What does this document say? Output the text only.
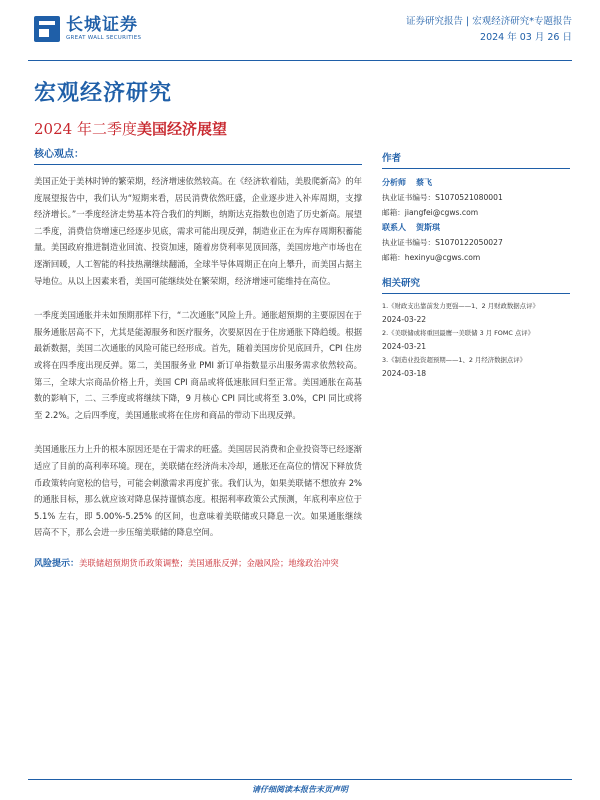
长城证券
GREAT WALL SECURITIES
证券研究报告 | 宏观经济研究*专题报告
2024 年 03 月 26 日
宏观经济研究
2024 年二季度美国经济展望
核心观点：

美国正处于美林时钟的繁荣期，经济增速依然较高。在《经济软着陆，美股爬新高》的年度展望报告中，我们认为“短期来看，居民消费依然旺盛，企业逐步进入补库周期，支撑经济增长。”一季度经济走势基本符合我们的判断，纳斯达克指数也创造了历史新高。展望二季度，消费信贷增速已经逐步见底，需求可能出现反弹，制造业正在为库存周期积蓄能量。美国政府推进制造业回流、投资加速，随着房贷利率见顶回落，美国房地产市场也在逐渐回暖，人工智能的科技热潮继续翻涌，全球半导体周期正在向上攀升，而美国占据主导地位。从以上因素来看，美国可能继续处在繁荣期，经济增速可能维持在高位。

一季度美国通胀并未如预期那样下行，“二次通胀”风险上升。通胀超预期的主要原因在于服务通胀居高不下，尤其是能源服务和医疗服务，次要原因在于住房通胀下降趋缓。根据最新数据，美国二次通胀的风险可能已经形成。首先，随着美国房价见底回升，CPI 住房或将在四季度出现反弹。第二，美国服务业 PMI 新订单指数显示出服务需求依然较高。第三，全球大宗商品价格上升，美国 CPI 商品或将低速胀回归至正常。美国通胀在高基数的影响下，二、三季度或将继续下降，9 月核心 CPI 同比或将至 3.0%，CPI 同比或将至 2.2%。之后四季度，美国通胀或将在住房和商品的带动下出现反弹。

美国通胀压力上升的根本原因还是在于需求的旺盛。美国居民消费和企业投资等已经逐渐适应了目前的高利率环境。现在，美联储在经济尚未冷却，通胀还在高位的情况下释放货币政策转向宽松的信号，可能会刺激需求再度扩张。我们认为，如果美联储不想放弃 2% 的通胀目标，那么就应该对降息保持谨慎态度。根据利率政策公式预测，年底利率应位于 5.1% 左右，即 5.00%-5.25% 的区间，也意味着美联储或只降息一次。如果通胀继续居高不下，那么会进一步压缩美联储的降息空间。

风险提示：美联储超预期货币政策调整；美国通胀反弹；金融风险；地缘政治冲突

作者
分析师 蔡飞
执业证书编号：S1070521080001
邮箱：jiangfei@cgws.com
联系人 贺斯琪
执业证书编号：S1070122050027
邮箱：hexinyu@cgws.com
相关研究
1.《财政支出靠前发力更强——1、2 月财政数据点评》
2024-03-22
2.《美联储或将重回最鹰一美联储 3 月 FOMC 点评》
2024-03-21
3.《制造业投资超预期——1、2 月经济数据点评》
2024-03-18
请仔细阅读本报告末页声明
